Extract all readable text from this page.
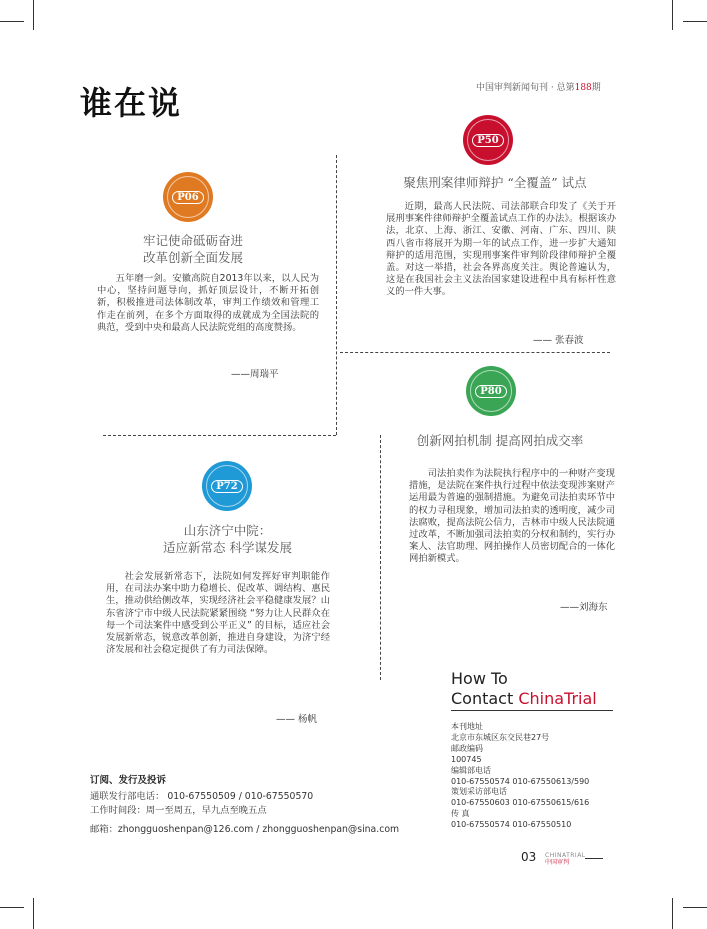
谁在说	中国审判新闻旬刊 · 总第188期
P50
聚焦刑案律师辩护 “全覆盖” 试点
近期，最高人民法院、司法部联合印发了《关于开展刑事案件律师辩护全覆盖试点工作的办法》。根据该办法，北京、上海、浙江、安徽、河南、广东、四川、陕西八省市将展开为期一年的试点工作，进一步扩大通知辩护的适用范围，实现刑事案件审判阶段律师辩护全覆盖。对这一举措，社会各界高度关注。舆论普遍认为，这是在我国社会主义法治国家建设进程中具有标杆性意义的一件大事。
—— 张春波
P06
牢记使命砥砺奋进
改革创新全面发展
五年磨一剑。安徽高院自2013年以来，以人民为中心，坚持问题导向，抓好顶层设计，不断开拓创新，积极推进司法体制改革，审判工作绩效和管理工作走在前列，在多个方面取得的成就成为全国法院的典范，受到中央和最高人民法院党组的高度赞扬。
——周瑞平
P80
创新网拍机制 提高网拍成交率
司法拍卖作为法院执行程序中的一种财产变现措施，是法院在案件执行过程中依法变现涉案财产运用最为普遍的强制措施。为避免司法拍卖环节中的权力寻租现象，增加司法拍卖的透明度，减少司法腐败，提高法院公信力，吉林市中级人民法院通过改革，不断加强司法拍卖的分权和制约，实行办案人、法官助理、网拍操作人员密切配合的一体化网拍新模式。
——刘海东
P72
山东济宁中院：
适应新常态 科学谋发展
社会发展新常态下，法院如何发挥好审判职能作用，在司法办案中助力稳增长、促改革、调结构、惠民生，推动供给侧改革，实现经济社会平稳健康发展？山东省济宁市中级人民法院紧紧围绕 “努力让人民群众在每一个司法案件中感受到公平正义” 的目标，适应社会发展新常态，锐意改革创新，推进自身建设，为济宁经济发展和社会稳定提供了有力司法保障。
—— 杨帆
How To
Contact ChinaTrial
本刊地址
北京市东城区东交民巷27号
邮政编码
100745
编辑部电话
010-67550574 010-67550613/590
策划采访部电话
010-67550603 010-67550615/616
传 真
010-67550574 010-67550510
订阅、发行及投诉
通联发行部电话： 010-67550509 / 010-67550570
工作时间段：周一至周五，早九点至晚五点
邮箱：zhongguoshenpan@126.com / zhongguoshenpan@sina.com
03 CHINATRIAL
中国审判
